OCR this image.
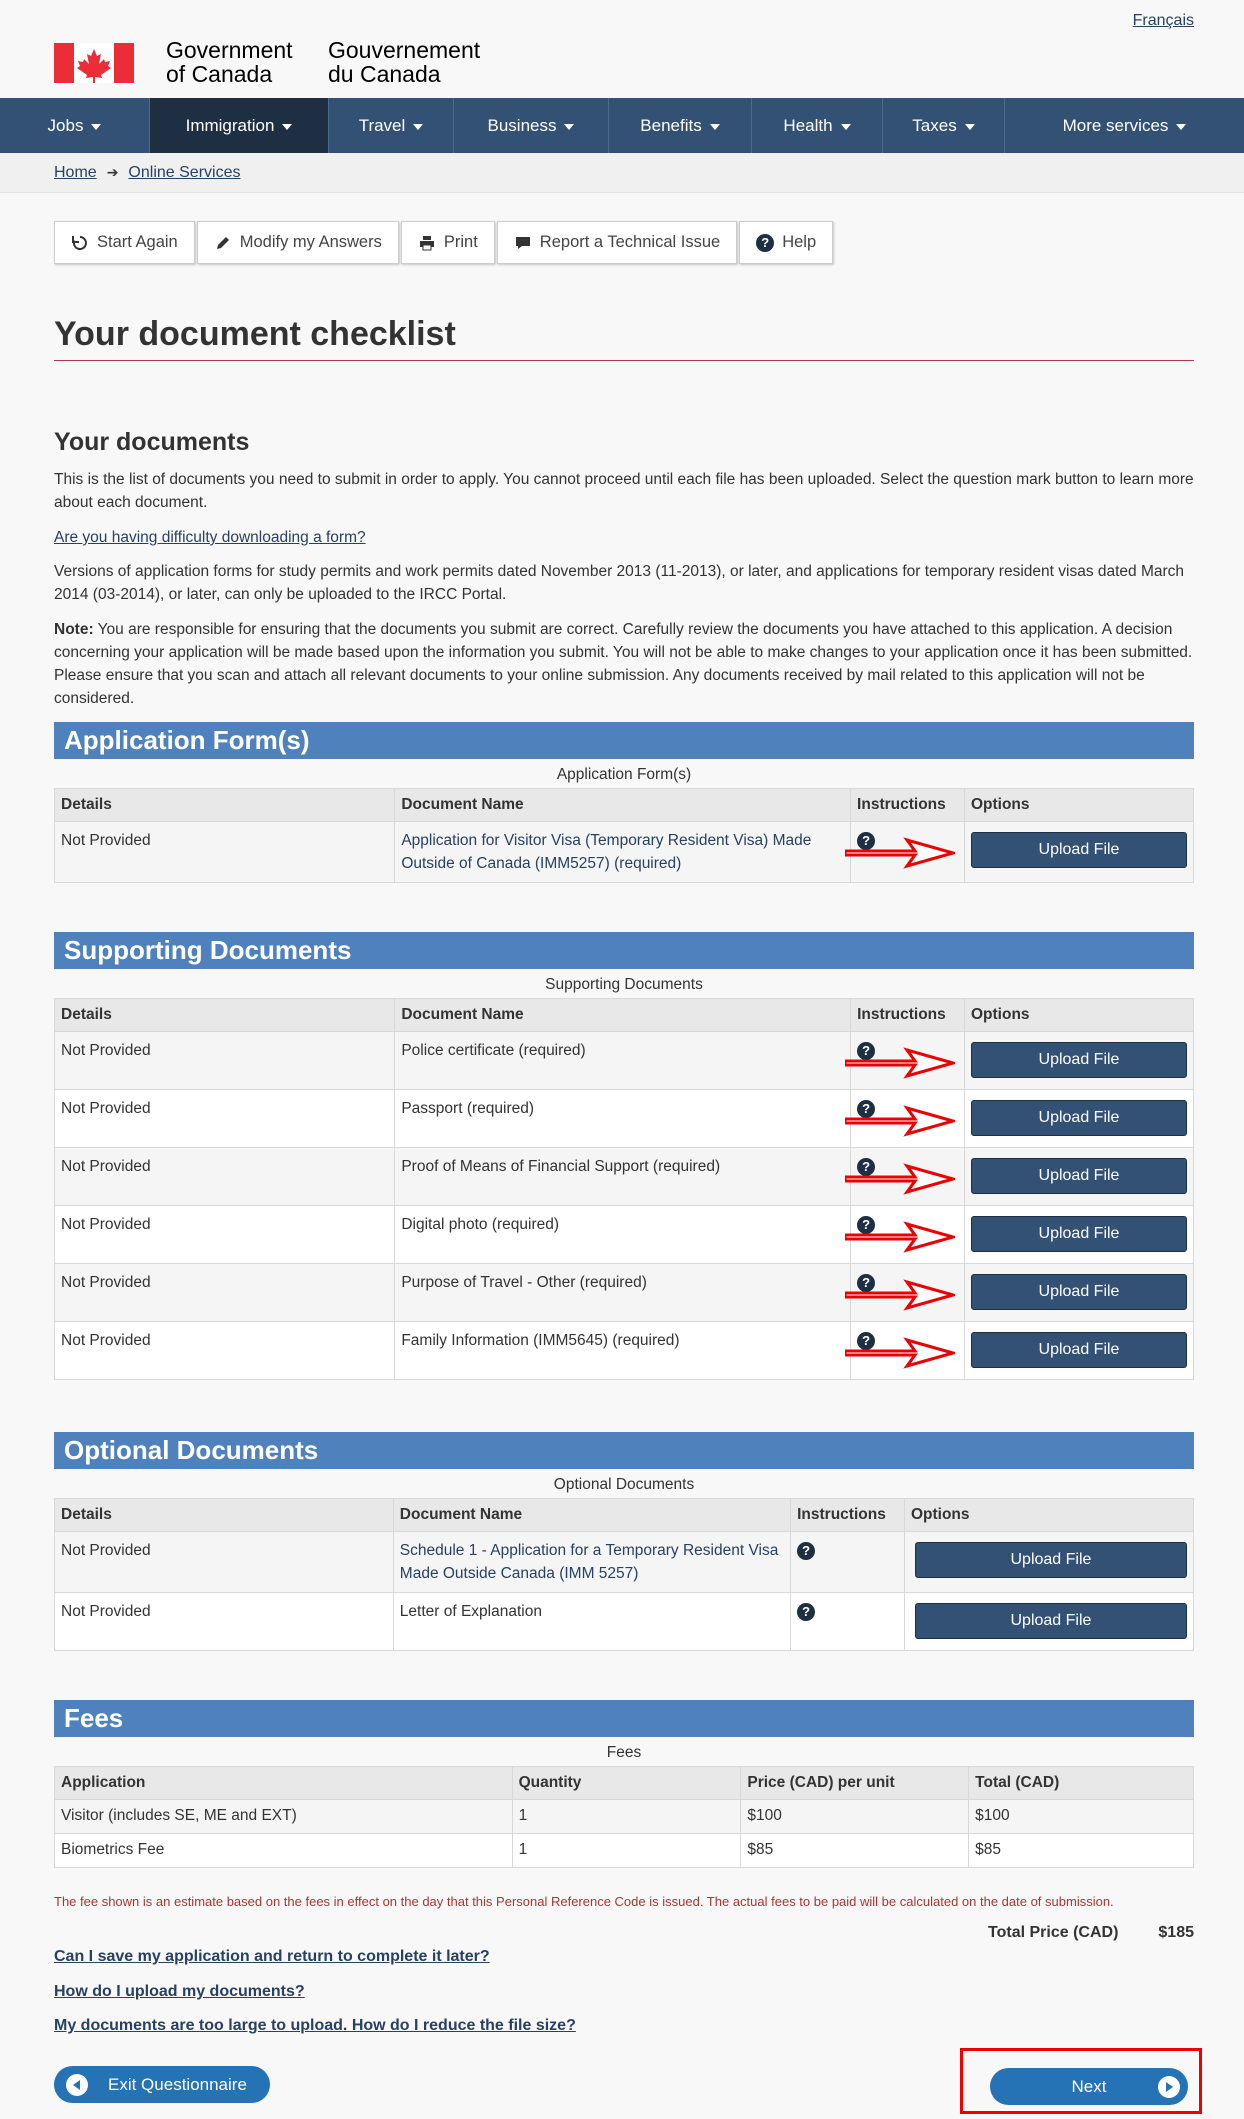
Français
Government
of Canada
Gouvernement
du Canada
Jobs	Immigration	Travel	Business	Benefits	Health	Taxes	More services
Home ➔ Online Services
Start Again	Modify my Answers	Print	Report a Technical Issue	? Help
Your document checklist
Your documents

This is the list of documents you need to submit in order to apply. You cannot proceed until each file has been uploaded. Select the question mark button to learn more about each document.

Are you having difficulty downloading a form?

Versions of application forms for study permits and work permits dated November 2013 (11-2013), or later, and applications for temporary resident visas dated March 2014 (03-2014), or later, can only be uploaded to the IRCC Portal.

Note: You are responsible for ensuring that the documents you submit are correct. Carefully review the documents you have attached to this application. A decision concerning your application will be made based upon the information you submit. You will not be able to make changes to your application once it has been submitted. Please ensure that you scan and attach all relevant documents to your online submission. Any documents received by mail related to this application will not be considered.

Application Form(s)
Application Form(s)
Details	Document Name	Instructions	Options
Not Provided	Application for Visitor Visa (Temporary Resident Visa) Made Outside of Canada (IMM5257) (required)	?	Upload File
Supporting Documents
Supporting Documents
Details	Document Name	Instructions	Options
Not Provided	Police certificate (required)	?	Upload File

Not Provided	Passport (required)	?	Upload File

Not Provided	Proof of Means of Financial Support (required)	?	Upload File

Not Provided	Digital photo (required)	?	Upload File

Not Provided	Purpose of Travel - Other (required)	?	Upload File

Not Provided	Family Information (IMM5645) (required)	?	Upload File
Optional Documents
Optional Documents
Details	Document Name	Instructions	Options
Not Provided	Schedule 1 - Application for a Temporary Resident Visa Made Outside Canada (IMM 5257)	?	Upload File

Not Provided	Letter of Explanation	?	Upload File
Fees
Fees
Application	Quantity	Price (CAD) per unit	Total (CAD)
Visitor (includes SE, ME and EXT)	1	$100	$100
Biometrics Fee	1	$85	$85

The fee shown is an estimate based on the fees in effect on the day that this Personal Reference Code is issued. The actual fees to be paid will be calculated on the date of submission.

Total Price (CAD)	$185
Can I save my application and return to complete it later?
How do I upload my documents?
My documents are too large to upload. How do I reduce the file size?
Exit Questionnaire	Next
